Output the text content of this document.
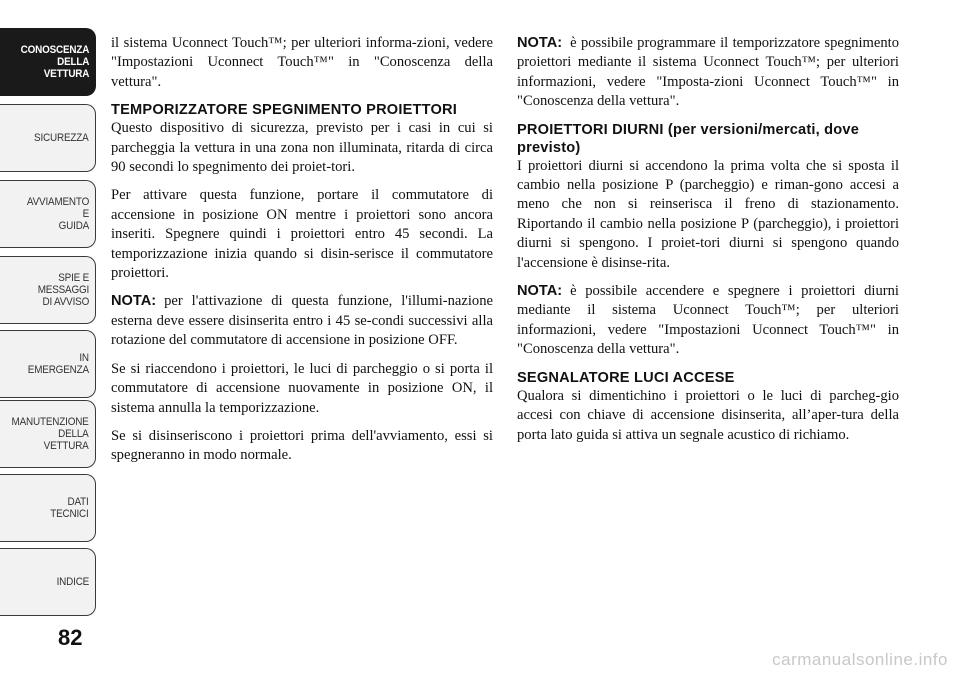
CONOSCENZA
DELLA
VETTURA
SICUREZZA
AVVIAMENTO
E
GUIDA
SPIE E
MESSAGGI
DI AVVISO
IN
EMERGENZA
MANUTENZIONE
DELLA
VETTURA
DATI
TECNICI
INDICE
82

il sistema Uconnect Touch™; per ulteriori informa-zioni, vedere "Impostazioni Uconnect Touch™" in "Conoscenza della vettura".

TEMPORIZZATORE SPEGNIMENTO PROIETTORI

Questo dispositivo di sicurezza, previsto per i casi in cui si parcheggia la vettura in una zona non illuminata, ritarda di circa 90 secondi lo spegnimento dei proiet-tori.

Per attivare questa funzione, portare il commutatore di accensione in posizione ON mentre i proiettori sono ancora inseriti. Spegnere quindi i proiettori entro 45 secondi. La temporizzazione inizia quando si disin-serisce il commutatore proiettori.

NOTA: per l'attivazione di questa funzione, l'illumi-nazione esterna deve essere disinserita entro i 45 se-condi successivi alla rotazione del commutatore di accensione in posizione OFF.

Se si riaccendono i proiettori, le luci di parcheggio o si porta il commutatore di accensione nuovamente in posizione ON, il sistema annulla la temporizzazione.

Se si disinseriscono i proiettori prima dell'avviamento, essi si spegneranno in modo normale.

NOTA: è possibile programmare il temporizzatore spegnimento proiettori mediante il sistema Uconnect Touch™; per ulteriori informazioni, vedere "Imposta-zioni Uconnect Touch™" in "Conoscenza della vettura".

PROIETTORI DIURNI (per versioni/mercati, dove previsto)

I proiettori diurni si accendono la prima volta che si sposta il cambio nella posizione P (parcheggio) e riman-gono accesi a meno che non si reinserisca il freno di stazionamento. Riportando il cambio nella posizione P (parcheggio), i proiettori diurni si spengono. I proiet-tori diurni si spengono quando l'accensione è disinse-rita.

NOTA: è possibile accendere e spegnere i proiettori diurni mediante il sistema Uconnect Touch™; per ulteriori informazioni, vedere "Impostazioni Uconnect Touch™" in "Conoscenza della vettura".

SEGNALATORE LUCI ACCESE

Qualora si dimentichino i proiettori o le luci di parcheg-gio accesi con chiave di accensione disinserita, all’aper-tura della porta lato guida si attiva un segnale acustico di richiamo.

carmanualsonline.info
